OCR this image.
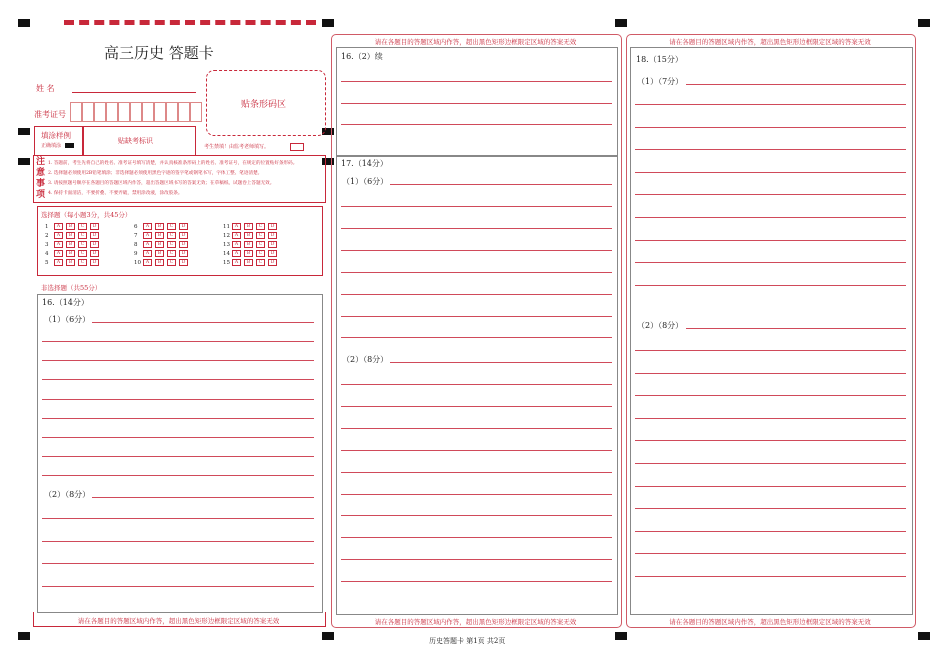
高三历史 答题卡
姓 名
准考证号
贴条形码区
填涂样例
正确填涂
贴缺考标识
考生禁填！由监考老师填写。
注
意
事
项
1. 答题前，考生先将自己的姓名、准考证号填写清楚，并认真核准条形码上的姓名、准考证号，在规定的位置贴好条形码。
2. 选择题必须使用2B铅笔填涂；非选择题必须使用黑色字迹的签字笔或钢笔书写，字体工整、笔迹清楚。
3. 请按照题号顺序在各题目的答题区域内作答，超出答题区域书写的答案无效；在草稿纸、试题卷上答题无效。
4. 保持卡面清洁，不要折叠、不要弄破，禁用涂改液，涂改胶条。
选择题（每小题3分，共45分）
1 A B C D
2 A B C D
3 A B C D
4 A B C D
5 A B C D
6 A B C D
7 A B C D
8 A B C D
9 A B C D
10 A B C D
11 A B C D
12 A B C D
13 A B C D
14 A B C D
15 A B C D
非选择题（共55分）
16.（14分）
（1）（6分）
（2）（8分）
请在各题目的答题区域内作答，超出黑色矩形边框限定区域的答案无效
请在各题目的答题区域内作答，超出黑色矩形边框限定区域的答案无效
16.（2）续
17.（14分）
（1）（6分）
（2）（8分）
请在各题目的答题区域内作答，超出黑色矩形边框限定区域的答案无效
请在各题目的答题区域内作答，超出黑色矩形边框限定区域的答案无效
18.（15分）
（1）（7分）
（2）（8分）
请在各题目的答题区域内作答，超出黑色矩形边框限定区域的答案无效
历史答题卡 第1页 共2页
